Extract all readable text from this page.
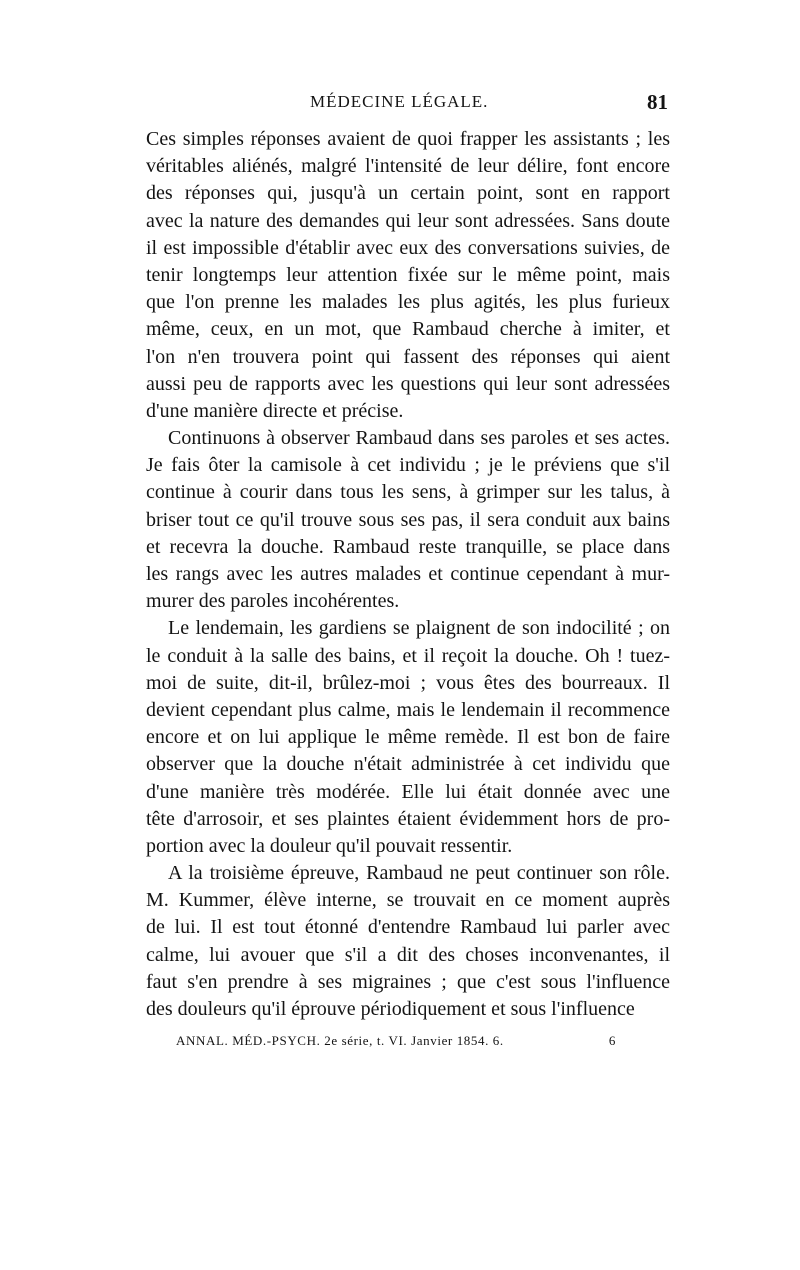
MÉDECINE LÉGALE.	81
Ces simples réponses avaient de quoi frapper les assistants ; les
véritables aliénés, malgré l'intensité de leur délire, font encore
des réponses qui, jusqu'à un certain point, sont en rapport
avec la nature des demandes qui leur sont adressées. Sans doute
il est impossible d'établir avec eux des conversations suivies, de
tenir longtemps leur attention fixée sur le même point, mais
que l'on prenne les malades les plus agités, les plus furieux
même, ceux, en un mot, que Rambaud cherche à imiter, et
l'on n'en trouvera point qui fassent des réponses qui aient
aussi peu de rapports avec les questions qui leur sont adressées
d'une manière directe et précise.
Continuons à observer Rambaud dans ses paroles et ses actes.
Je fais ôter la camisole à cet individu ; je le préviens que s'il
continue à courir dans tous les sens, à grimper sur les talus, à
briser tout ce qu'il trouve sous ses pas, il sera conduit aux bains
et recevra la douche. Rambaud reste tranquille, se place dans
les rangs avec les autres malades et continue cependant à mur-
murer des paroles incohérentes.
Le lendemain, les gardiens se plaignent de son indocilité ; on
le conduit à la salle des bains, et il reçoit la douche. Oh ! tuez-
moi de suite, dit-il, brûlez-moi ; vous êtes des bourreaux. Il
devient cependant plus calme, mais le lendemain il recommence
encore et on lui applique le même remède. Il est bon de faire
observer que la douche n'était administrée à cet individu que
d'une manière très modérée. Elle lui était donnée avec une
tête d'arrosoir, et ses plaintes étaient évidemment hors de pro-
portion avec la douleur qu'il pouvait ressentir.
A la troisième épreuve, Rambaud ne peut continuer son rôle.
M. Kummer, élève interne, se trouvait en ce moment auprès
de lui. Il est tout étonné d'entendre Rambaud lui parler avec
calme, lui avouer que s'il a dit des choses inconvenantes, il
faut s'en prendre à ses migraines ; que c'est sous l'influence
des douleurs qu'il éprouve périodiquement et sous l'influence
ANNAL. MÉD.-PSYCH. 2e série, t. VI. Janvier 1854. 6.	6
